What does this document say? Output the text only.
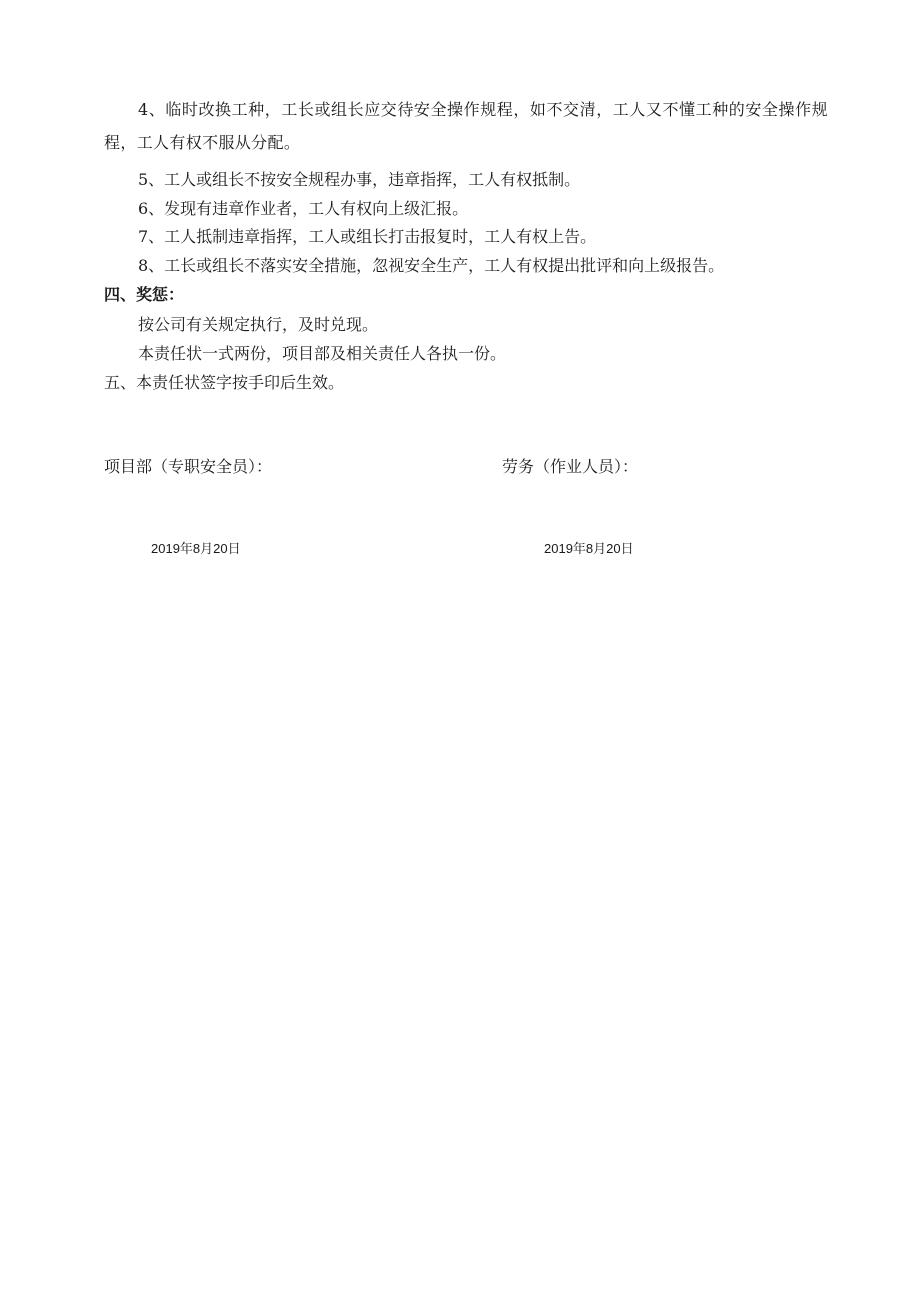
4、临时改换工种，工长或组长应交待安全操作规程，如不交清，工人又不懂工种的安全操作规程，工人有权不服从分配。
5、工人或组长不按安全规程办事，违章指挥，工人有权抵制。
6、发现有违章作业者，工人有权向上级汇报。
7、工人抵制违章指挥，工人或组长打击报复时，工人有权上告。
8、工长或组长不落实安全措施，忽视安全生产，工人有权提出批评和向上级报告。
四、奖惩：
按公司有关规定执行，及时兑现。
本责任状一式两份，项目部及相关责任人各执一份。
五、本责任状签字按手印后生效。
项目部（专职安全员）：	劳务（作业人员）：
2019年8月20日	2019年8月20日
